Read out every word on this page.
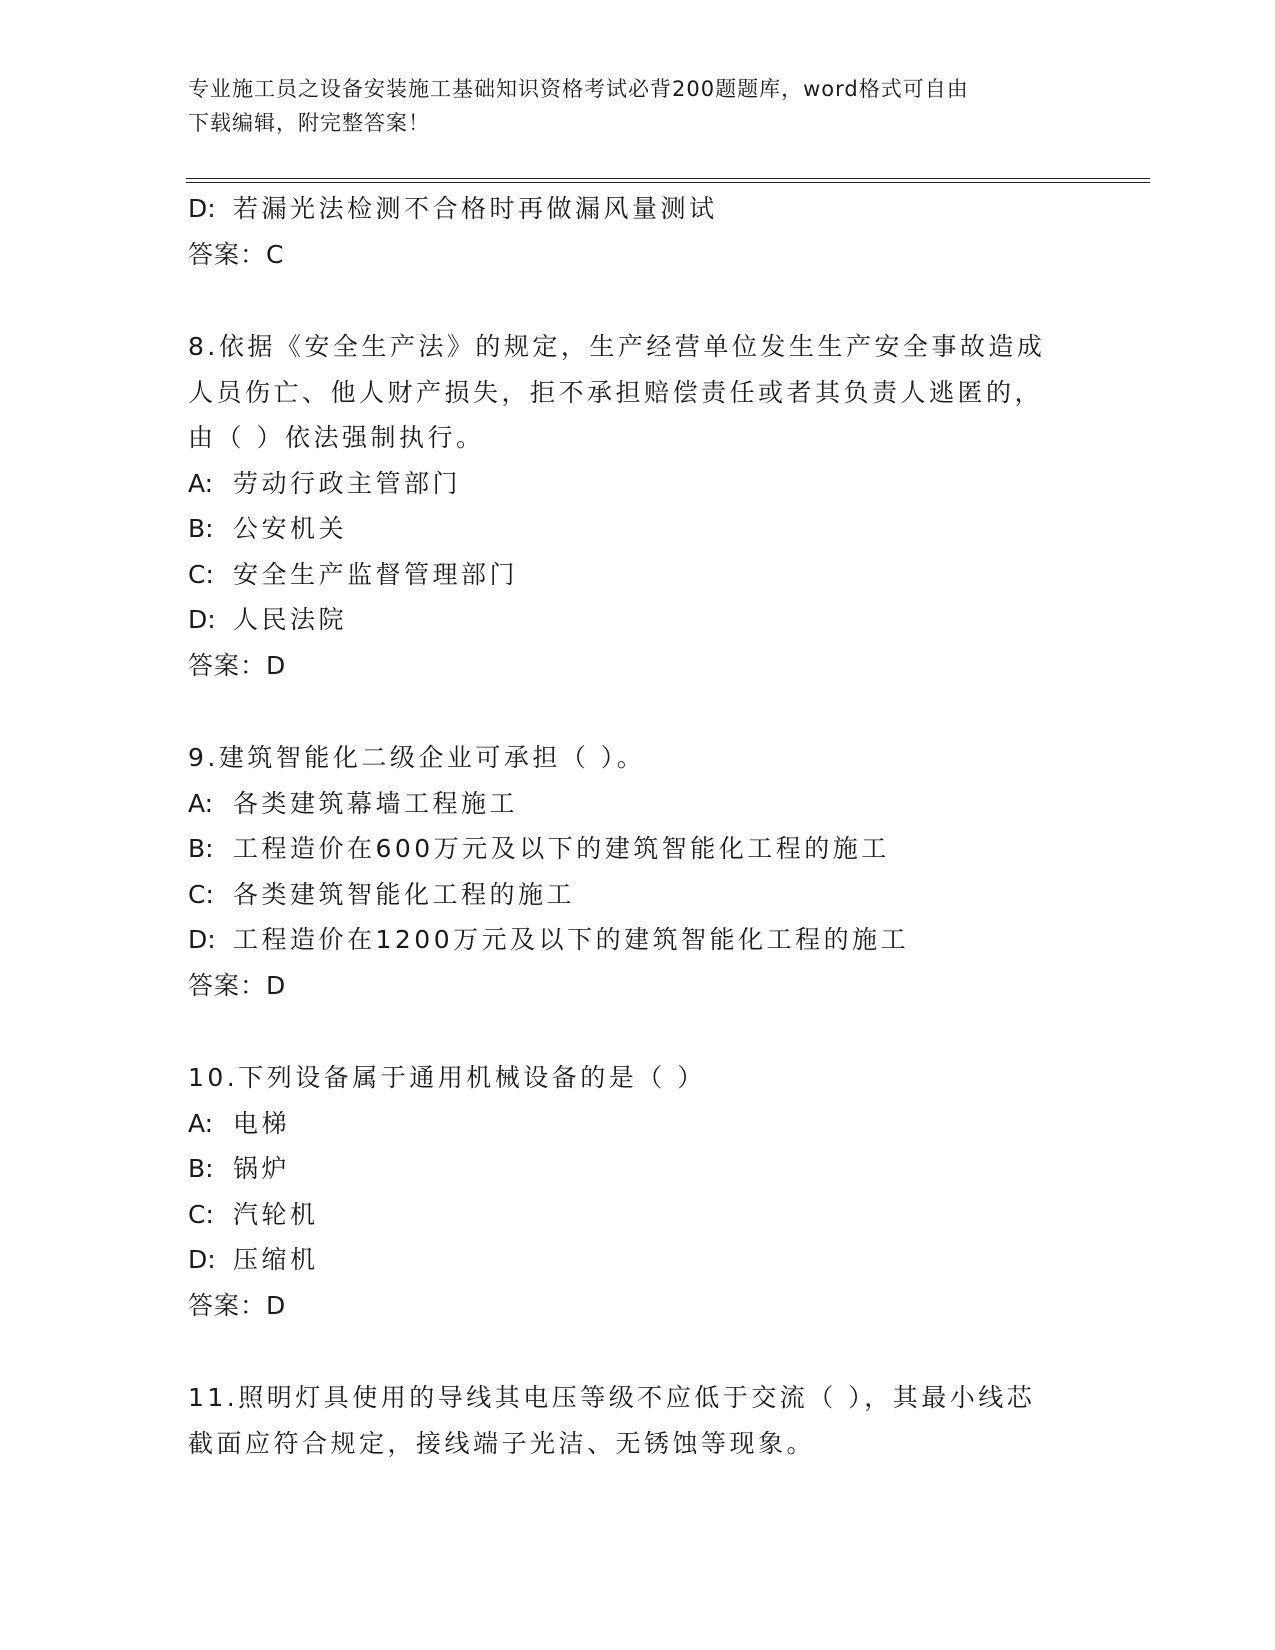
专业施工员之设备安装施工基础知识资格考试必背200题题库，word格式可自由
下载编辑，附完整答案！
D: 若漏光法检测不合格时再做漏风量测试
答案：C
8.依据《安全生产法》的规定，生产经营单位发生生产安全事故造成
人员伤亡、他人财产损失，拒不承担赔偿责任或者其负责人逃匿的，
由（ ）依法强制执行。
A: 劳动行政主管部门
B: 公安机关
C: 安全生产监督管理部门
D: 人民法院
答案：D
9.建筑智能化二级企业可承担（ ）。
A: 各类建筑幕墙工程施工
B: 工程造价在600万元及以下的建筑智能化工程的施工
C: 各类建筑智能化工程的施工
D: 工程造价在1200万元及以下的建筑智能化工程的施工
答案：D
10.下列设备属于通用机械设备的是（ ）
A: 电梯
B: 锅炉
C: 汽轮机
D: 压缩机
答案：D
11.照明灯具使用的导线其电压等级不应低于交流（ ），其最小线芯
截面应符合规定，接线端子光洁、无锈蚀等现象。
